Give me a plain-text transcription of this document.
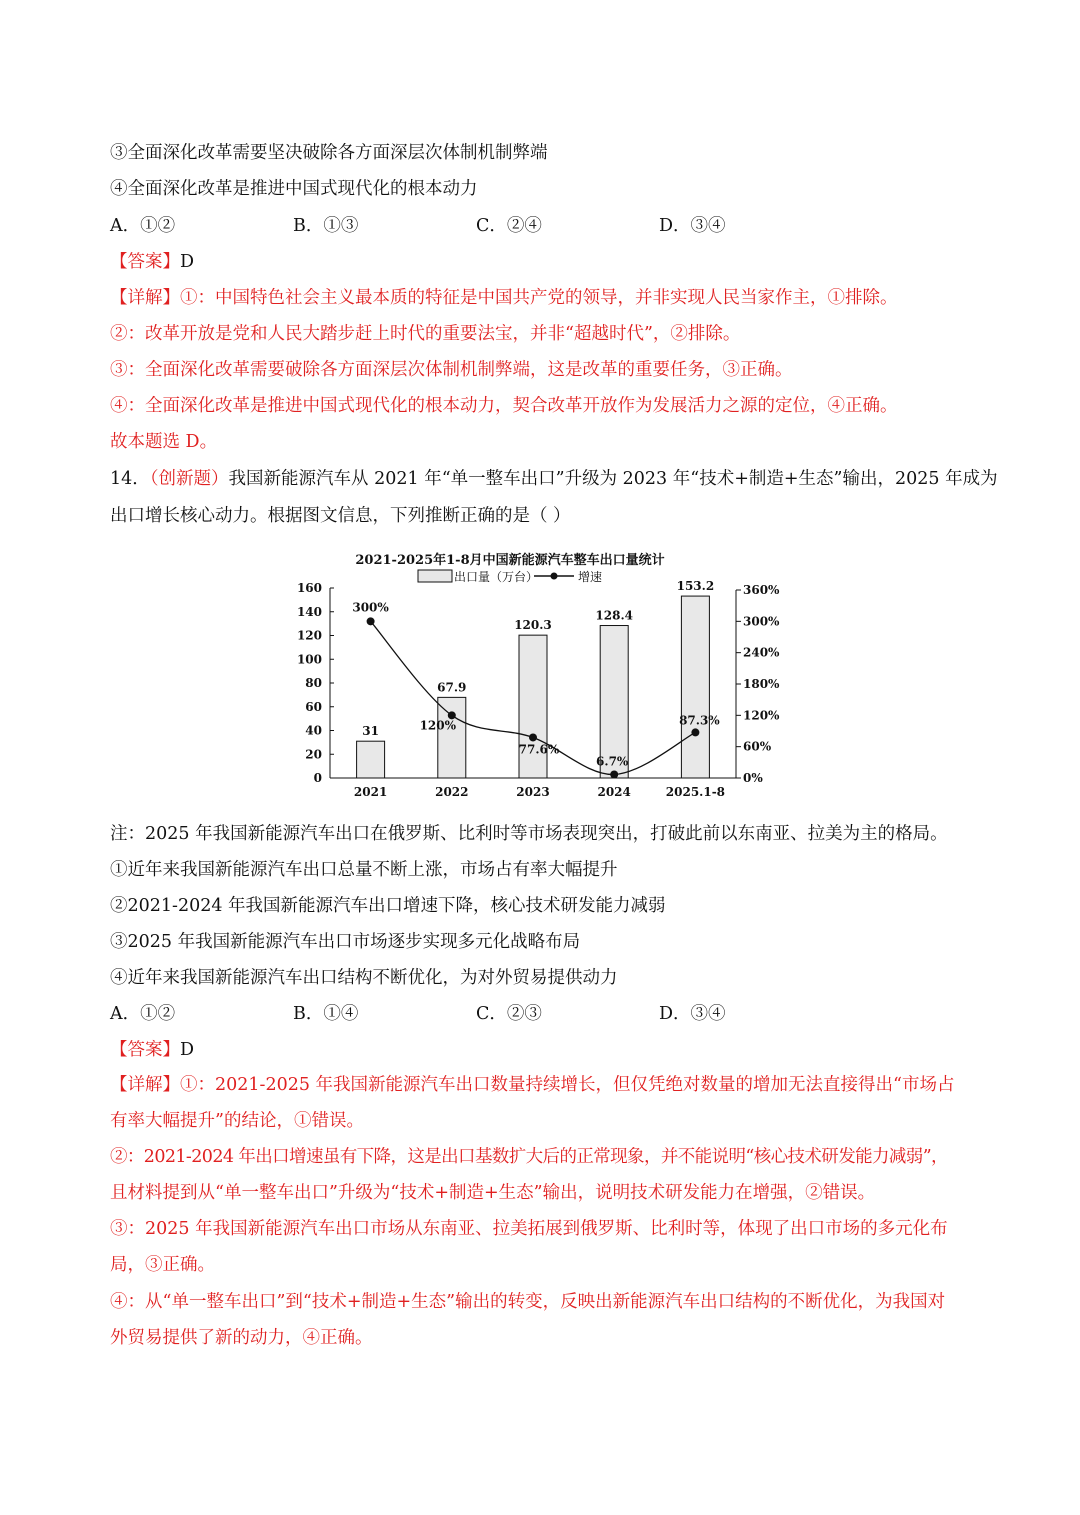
③全面深化改革需要坚决破除各方面深层次体制机制弊端
④全面深化改革是推进中国式现代化的根本动力
A．①②	B．①③	C．②④	D．③④
【答案】D
【详解】①：中国特色社会主义最本质的特征是中国共产党的领导，并非实现人民当家作主，①排除。
②：改革开放是党和人民大踏步赶上时代的重要法宝，并非“超越时代”，②排除。
③：全面深化改革需要破除各方面深层次体制机制弊端，这是改革的重要任务，③正确。
④：全面深化改革是推进中国式现代化的根本动力，契合改革开放作为发展活力之源的定位，④正确。
故本题选 D。
14．（创新题）我国新能源汽车从 2021 年“单一整车出口”升级为 2023 年“技术+制造+生态”输出，2025 年成为
出口增长核心动力。根据图文信息，下列推断正确的是（ ）
2021-2025年1-8月中国新能源汽车整车出口量统计
出口量（万台）	增速
0
20
40
60
80
100
120
140
160
0%
60%
120%
180%
240%
300%
360%
31
67.9
120.3
128.4
153.2
300%
120%
77.6%
6.7%
87.3%
2021	2022	2023	2024	2025.1-8
注：2025 年我国新能源汽车出口在俄罗斯、比利时等市场表现突出，打破此前以东南亚、拉美为主的格局。
①近年来我国新能源汽车出口总量不断上涨，市场占有率大幅提升
②2021-2024 年我国新能源汽车出口增速下降，核心技术研发能力减弱
③2025 年我国新能源汽车出口市场逐步实现多元化战略布局
④近年来我国新能源汽车出口结构不断优化，为对外贸易提供动力
A．①②	B．①④	C．②③	D．③④
【答案】D
【详解】①：2021-2025 年我国新能源汽车出口数量持续增长，但仅凭绝对数量的增加无法直接得出“市场占
有率大幅提升”的结论，①错误。
②：2021-2024 年出口增速虽有下降，这是出口基数扩大后的正常现象，并不能说明“核心技术研发能力减弱”，
且材料提到从“单一整车出口”升级为“技术+制造+生态”输出，说明技术研发能力在增强，②错误。
③：2025 年我国新能源汽车出口市场从东南亚、拉美拓展到俄罗斯、比利时等，体现了出口市场的多元化布
局，③正确。
④：从“单一整车出口”到“技术+制造+生态”输出的转变，反映出新能源汽车出口结构的不断优化，为我国对
外贸易提供了新的动力，④正确。
